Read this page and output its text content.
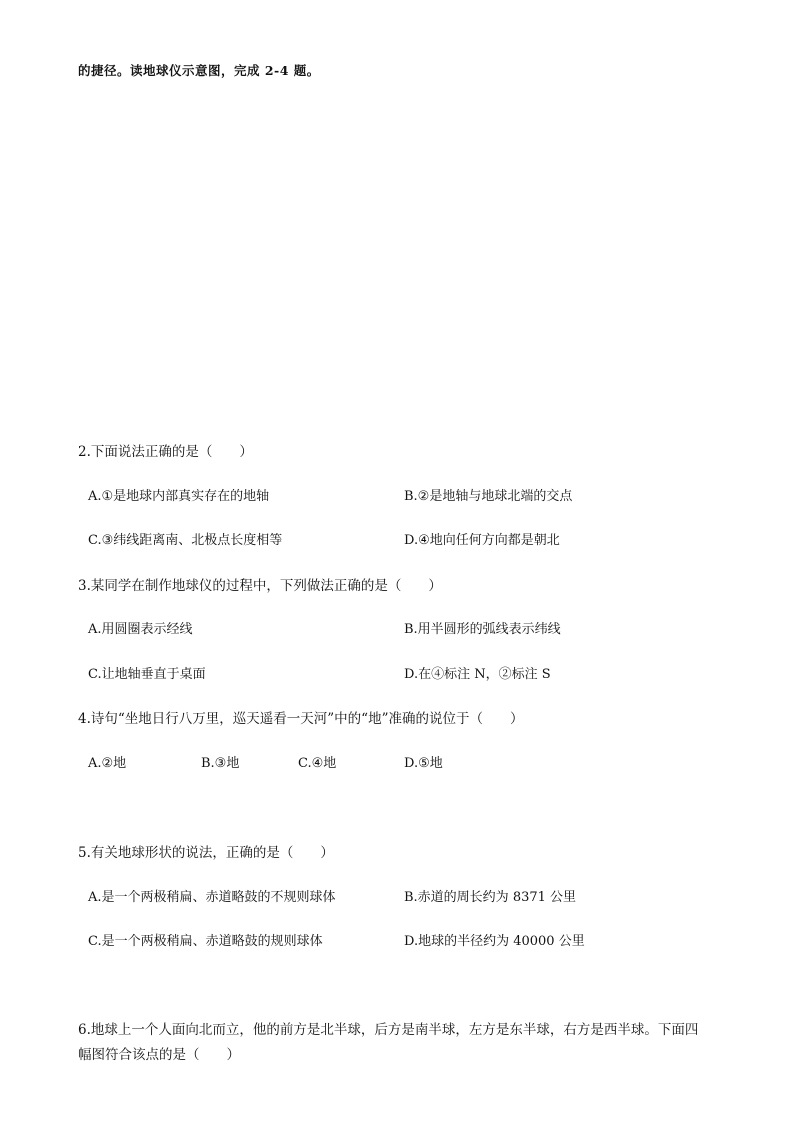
的捷径。读地球仪示意图，完成 2-4 题。
2.下面说法正确的是（　　）
A.①是地球内部真实存在的地轴	B.②是地轴与地球北端的交点
C.③纬线距离南、北极点长度相等	D.④地向任何方向都是朝北
3.某同学在制作地球仪的过程中，下列做法正确的是（　　）
A.用圆圈表示经线	B.用半圆形的弧线表示纬线
C.让地轴垂直于桌面	D.在④标注 N，②标注 S
4.诗句“坐地日行八万里，巡天遥看一天河”中的“地”准确的说位于（　　）
A.②地	B.③地	C.④地	D.⑤地
5.有关地球形状的说法，正确的是（　　）
A.是一个两极稍扁、赤道略鼓的不规则球体	B.赤道的周长约为 8371 公里
C.是一个两极稍扁、赤道略鼓的规则球体	D.地球的半径约为 40000 公里
6.地球上一个人面向北而立，他的前方是北半球，后方是南半球，左方是东半球，右方是西半球。下面四
幅图符合该点的是（　　）
